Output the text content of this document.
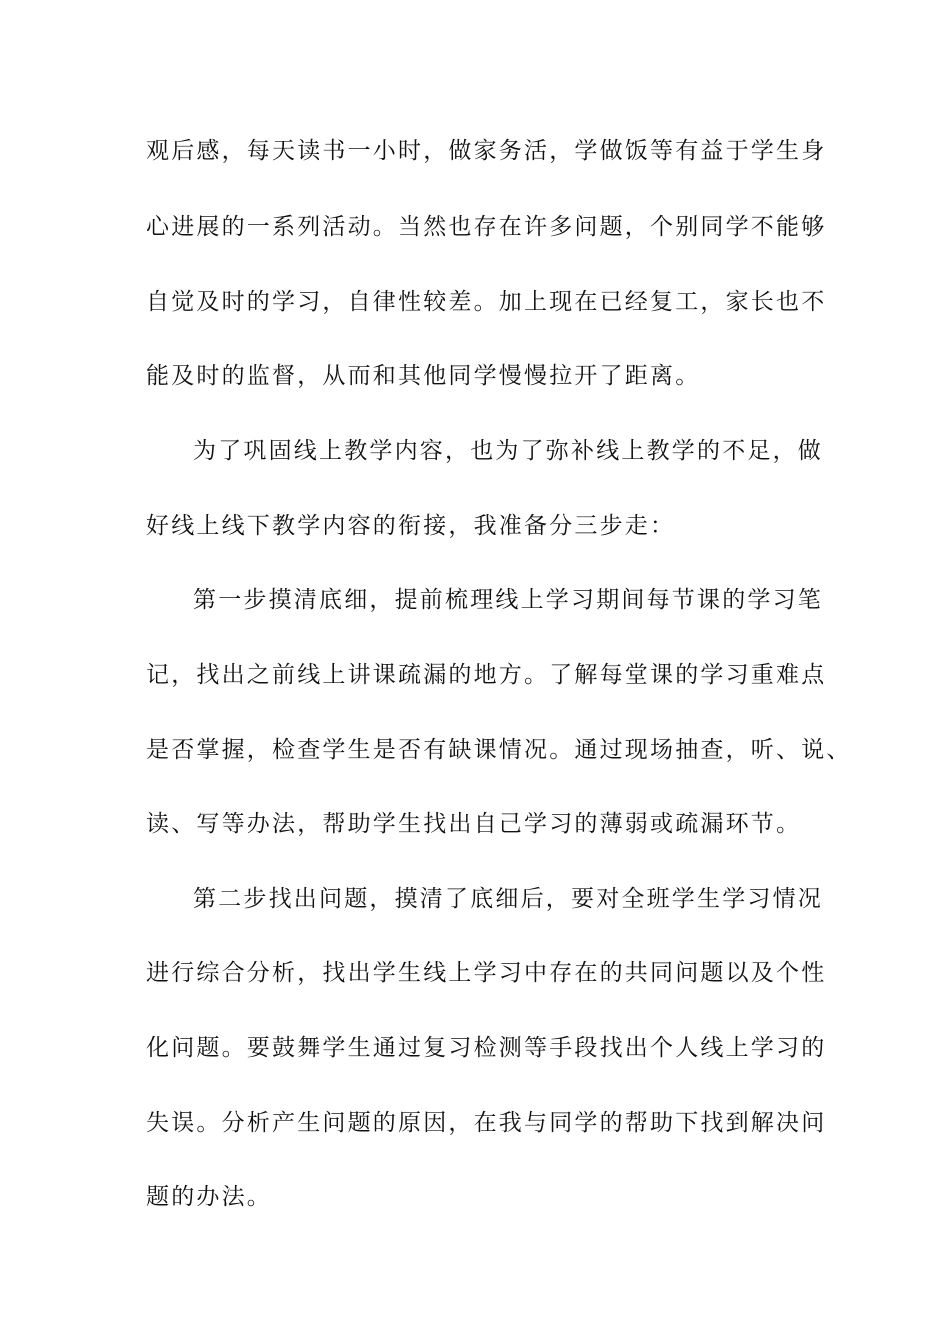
观后感，每天读书一小时，做家务活，学做饭等有益于学生身
心进展的一系列活动。当然也存在许多问题，个别同学不能够
自觉及时的学习，自律性较差。加上现在已经复工，家长也不
能及时的监督，从而和其他同学慢慢拉开了距离。
为了巩固线上教学内容，也为了弥补线上教学的不足，做
好线上线下教学内容的衔接，我准备分三步走：
第一步摸清底细，提前梳理线上学习期间每节课的学习笔
记，找出之前线上讲课疏漏的地方。了解每堂课的学习重难点
是否掌握，检查学生是否有缺课情况。通过现场抽查，听、说、
读、写等办法，帮助学生找出自己学习的薄弱或疏漏环节。
第二步找出问题，摸清了底细后，要对全班学生学习情况
进行综合分析，找出学生线上学习中存在的共同问题以及个性
化问题。要鼓舞学生通过复习检测等手段找出个人线上学习的
失误。分析产生问题的原因，在我与同学的帮助下找到解决问
题的办法。
